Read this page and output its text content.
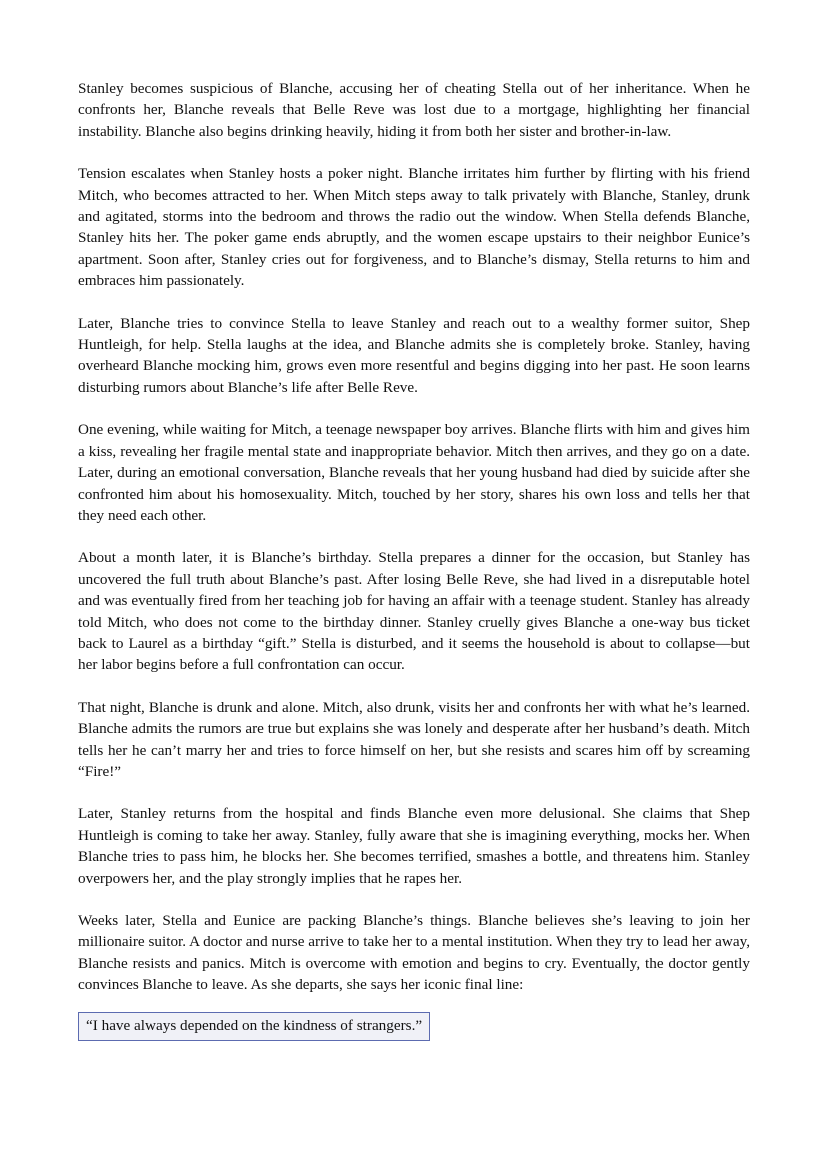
Stanley becomes suspicious of Blanche, accusing her of cheating Stella out of her inheritance. When he confronts her, Blanche reveals that Belle Reve was lost due to a mortgage, highlighting her financial instability. Blanche also begins drinking heavily, hiding it from both her sister and brother-in-law.

Tension escalates when Stanley hosts a poker night. Blanche irritates him further by flirting with his friend Mitch, who becomes attracted to her. When Mitch steps away to talk privately with Blanche, Stanley, drunk and agitated, storms into the bedroom and throws the radio out the window. When Stella defends Blanche, Stanley hits her. The poker game ends abruptly, and the women escape upstairs to their neighbor Eunice’s apartment. Soon after, Stanley cries out for forgiveness, and to Blanche’s dismay, Stella returns to him and embraces him passionately.

Later, Blanche tries to convince Stella to leave Stanley and reach out to a wealthy former suitor, Shep Huntleigh, for help. Stella laughs at the idea, and Blanche admits she is completely broke. Stanley, having overheard Blanche mocking him, grows even more resentful and begins digging into her past. He soon learns disturbing rumors about Blanche’s life after Belle Reve.

One evening, while waiting for Mitch, a teenage newspaper boy arrives. Blanche flirts with him and gives him a kiss, revealing her fragile mental state and inappropriate behavior. Mitch then arrives, and they go on a date. Later, during an emotional conversation, Blanche reveals that her young husband had died by suicide after she confronted him about his homosexuality. Mitch, touched by her story, shares his own loss and tells her that they need each other.

About a month later, it is Blanche’s birthday. Stella prepares a dinner for the occasion, but Stanley has uncovered the full truth about Blanche’s past. After losing Belle Reve, she had lived in a disreputable hotel and was eventually fired from her teaching job for having an affair with a teenage student. Stanley has already told Mitch, who does not come to the birthday dinner. Stanley cruelly gives Blanche a one-way bus ticket back to Laurel as a birthday “gift.” Stella is disturbed, and it seems the household is about to collapse—but her labor begins before a full confrontation can occur.

That night, Blanche is drunk and alone. Mitch, also drunk, visits her and confronts her with what he’s learned. Blanche admits the rumors are true but explains she was lonely and desperate after her husband’s death. Mitch tells her he can’t marry her and tries to force himself on her, but she resists and scares him off by screaming “Fire!”

Later, Stanley returns from the hospital and finds Blanche even more delusional. She claims that Shep Huntleigh is coming to take her away. Stanley, fully aware that she is imagining everything, mocks her. When Blanche tries to pass him, he blocks her. She becomes terrified, smashes a bottle, and threatens him. Stanley overpowers her, and the play strongly implies that he rapes her.

Weeks later, Stella and Eunice are packing Blanche’s things. Blanche believes she’s leaving to join her millionaire suitor. A doctor and nurse arrive to take her to a mental institution. When they try to lead her away, Blanche resists and panics. Mitch is overcome with emotion and begins to cry. Eventually, the doctor gently convinces Blanche to leave. As she departs, she says her iconic final line:

“I have always depended on the kindness of strangers.”
